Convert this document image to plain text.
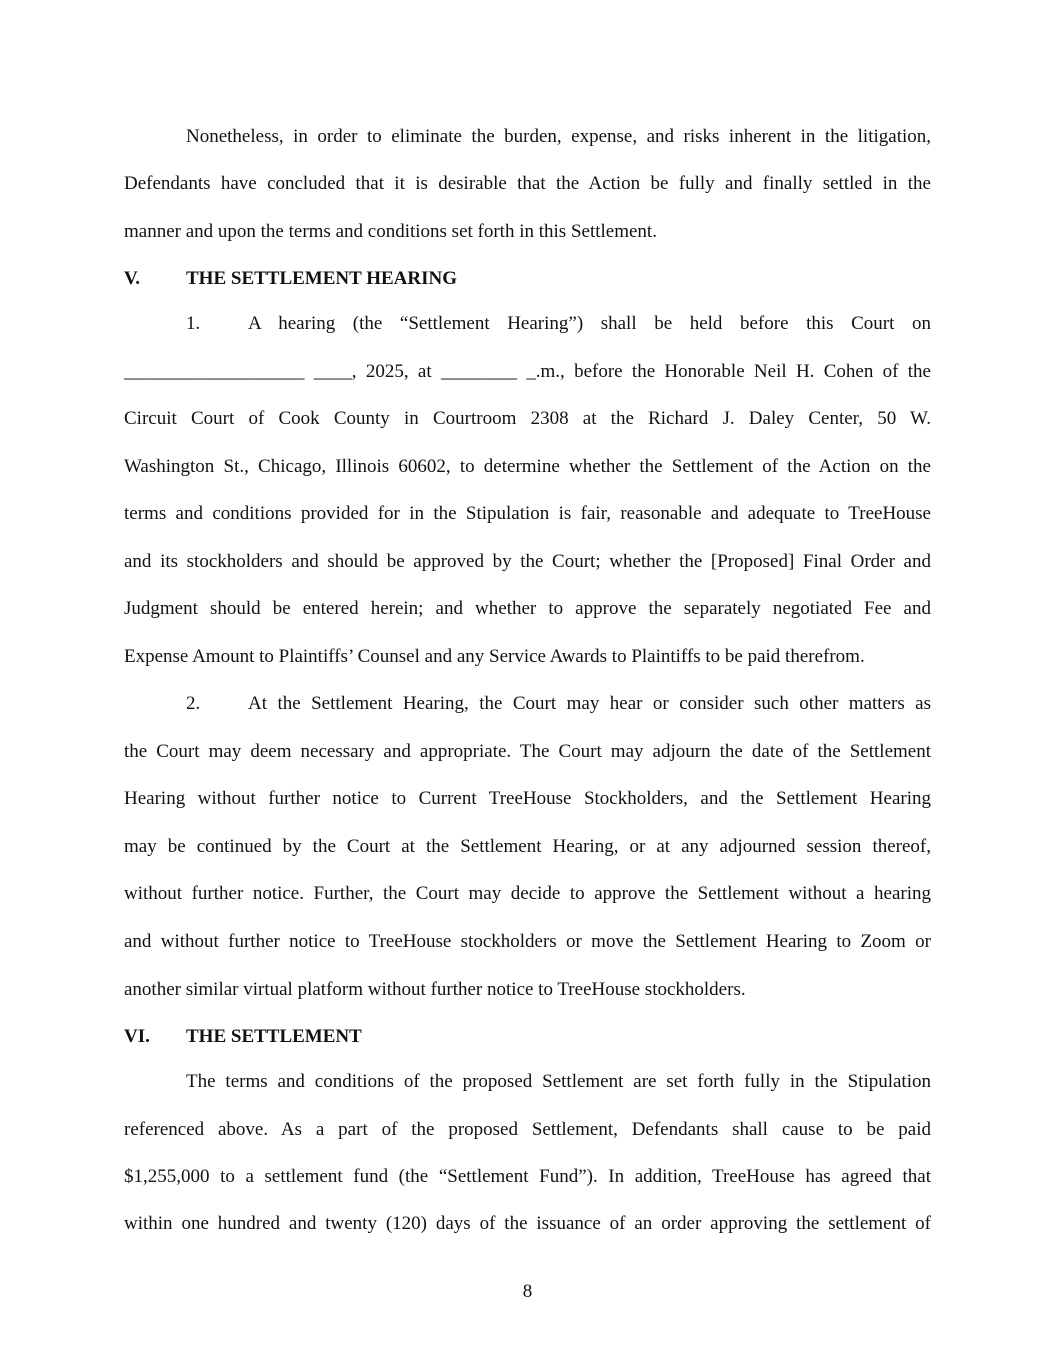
Nonetheless, in order to eliminate the burden, expense, and risks inherent in the litigation,

Defendants have concluded that it is desirable that the Action be fully and finally settled in the

manner and upon the terms and conditions set forth in this Settlement.

V. THE SETTLEMENT HEARING
1.	A hearing (the “Settlement Hearing”) shall be held before this Court on

___________________ ____, 2025, at ________ _.m., before the Honorable Neil H. Cohen of the

Circuit Court of Cook County in Courtroom 2308 at the Richard J. Daley Center, 50 W.

Washington St., Chicago, Illinois 60602, to determine whether the Settlement of the Action on the

terms and conditions provided for in the Stipulation is fair, reasonable and adequate to TreeHouse

and its stockholders and should be approved by the Court; whether the [Proposed] Final Order and

Judgment should be entered herein; and whether to approve the separately negotiated Fee and

Expense Amount to Plaintiffs’ Counsel and any Service Awards to Plaintiffs to be paid therefrom.

2.	At the Settlement Hearing, the Court may hear or consider such other matters as

the Court may deem necessary and appropriate. The Court may adjourn the date of the Settlement

Hearing without further notice to Current TreeHouse Stockholders, and the Settlement Hearing

may be continued by the Court at the Settlement Hearing, or at any adjourned session thereof,

without further notice. Further, the Court may decide to approve the Settlement without a hearing

and without further notice to TreeHouse stockholders or move the Settlement Hearing to Zoom or

another similar virtual platform without further notice to TreeHouse stockholders.

VI. THE SETTLEMENT

The terms and conditions of the proposed Settlement are set forth fully in the Stipulation

referenced above. As a part of the proposed Settlement, Defendants shall cause to be paid

$1,255,000 to a settlement fund (the “Settlement Fund”). In addition, TreeHouse has agreed that

within one hundred and twenty (120) days of the issuance of an order approving the settlement of

8
